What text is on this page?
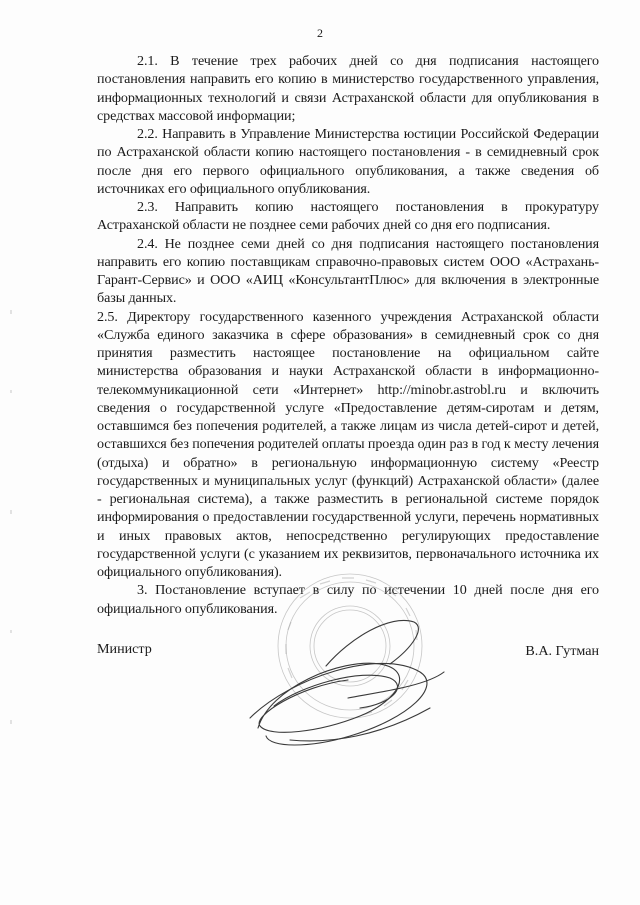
2

2.1. В течение трех рабочих дней со дня подписания настоящего постановления направить его копию в министерство государственного управления, информационных технологий и связи Астраханской области для опубликования в средствах массовой информации;

2.2. Направить в Управление Министерства юстиции Российской Федерации по Астраханской области копию настоящего постановления - в семидневный срок после дня его первого официального опубликования, а также сведения об источниках его официального опубликования.

2.3. Направить копию настоящего постановления в прокуратуру Астраханской области не позднее семи рабочих дней со дня его подписания.

2.4. Не позднее семи дней со дня подписания настоящего постановления направить его копию поставщикам справочно-правовых систем ООО «Астрахань-Гарант-Сервис» и ООО «АИЦ «КонсультантПлюс» для включения в электронные базы данных.

2.5. Директору государственного казенного учреждения Астраханской области «Служба единого заказчика в сфере образования» в семидневный срок со дня принятия разместить настоящее постановление на официальном сайте министерства образования и науки Астраханской области в информационно-телекоммуникационной сети «Интернет» http://minobr.astrobl.ru и включить сведения о государственной услуге «Предоставление детям-сиротам и детям, оставшимся без попечения родителей, а также лицам из числа детей-сирот и детей, оставшихся без попечения родителей оплаты проезда один раз в год к месту лечения (отдыха) и обратно» в региональную информационную систему «Реестр государственных и муниципальных услуг (функций) Астраханской области» (далее - региональная система), а также разместить в региональной системе порядок информирования о предоставлении государственной услуги, перечень нормативных и иных правовых актов, непосредственно регулирующих предоставление государственной услуги (с указанием их реквизитов, первоначального источника их официального опубликования).

3. Постановление вступает в силу по истечении 10 дней после дня его официального опубликования.

Министр	В.А. Гутман
